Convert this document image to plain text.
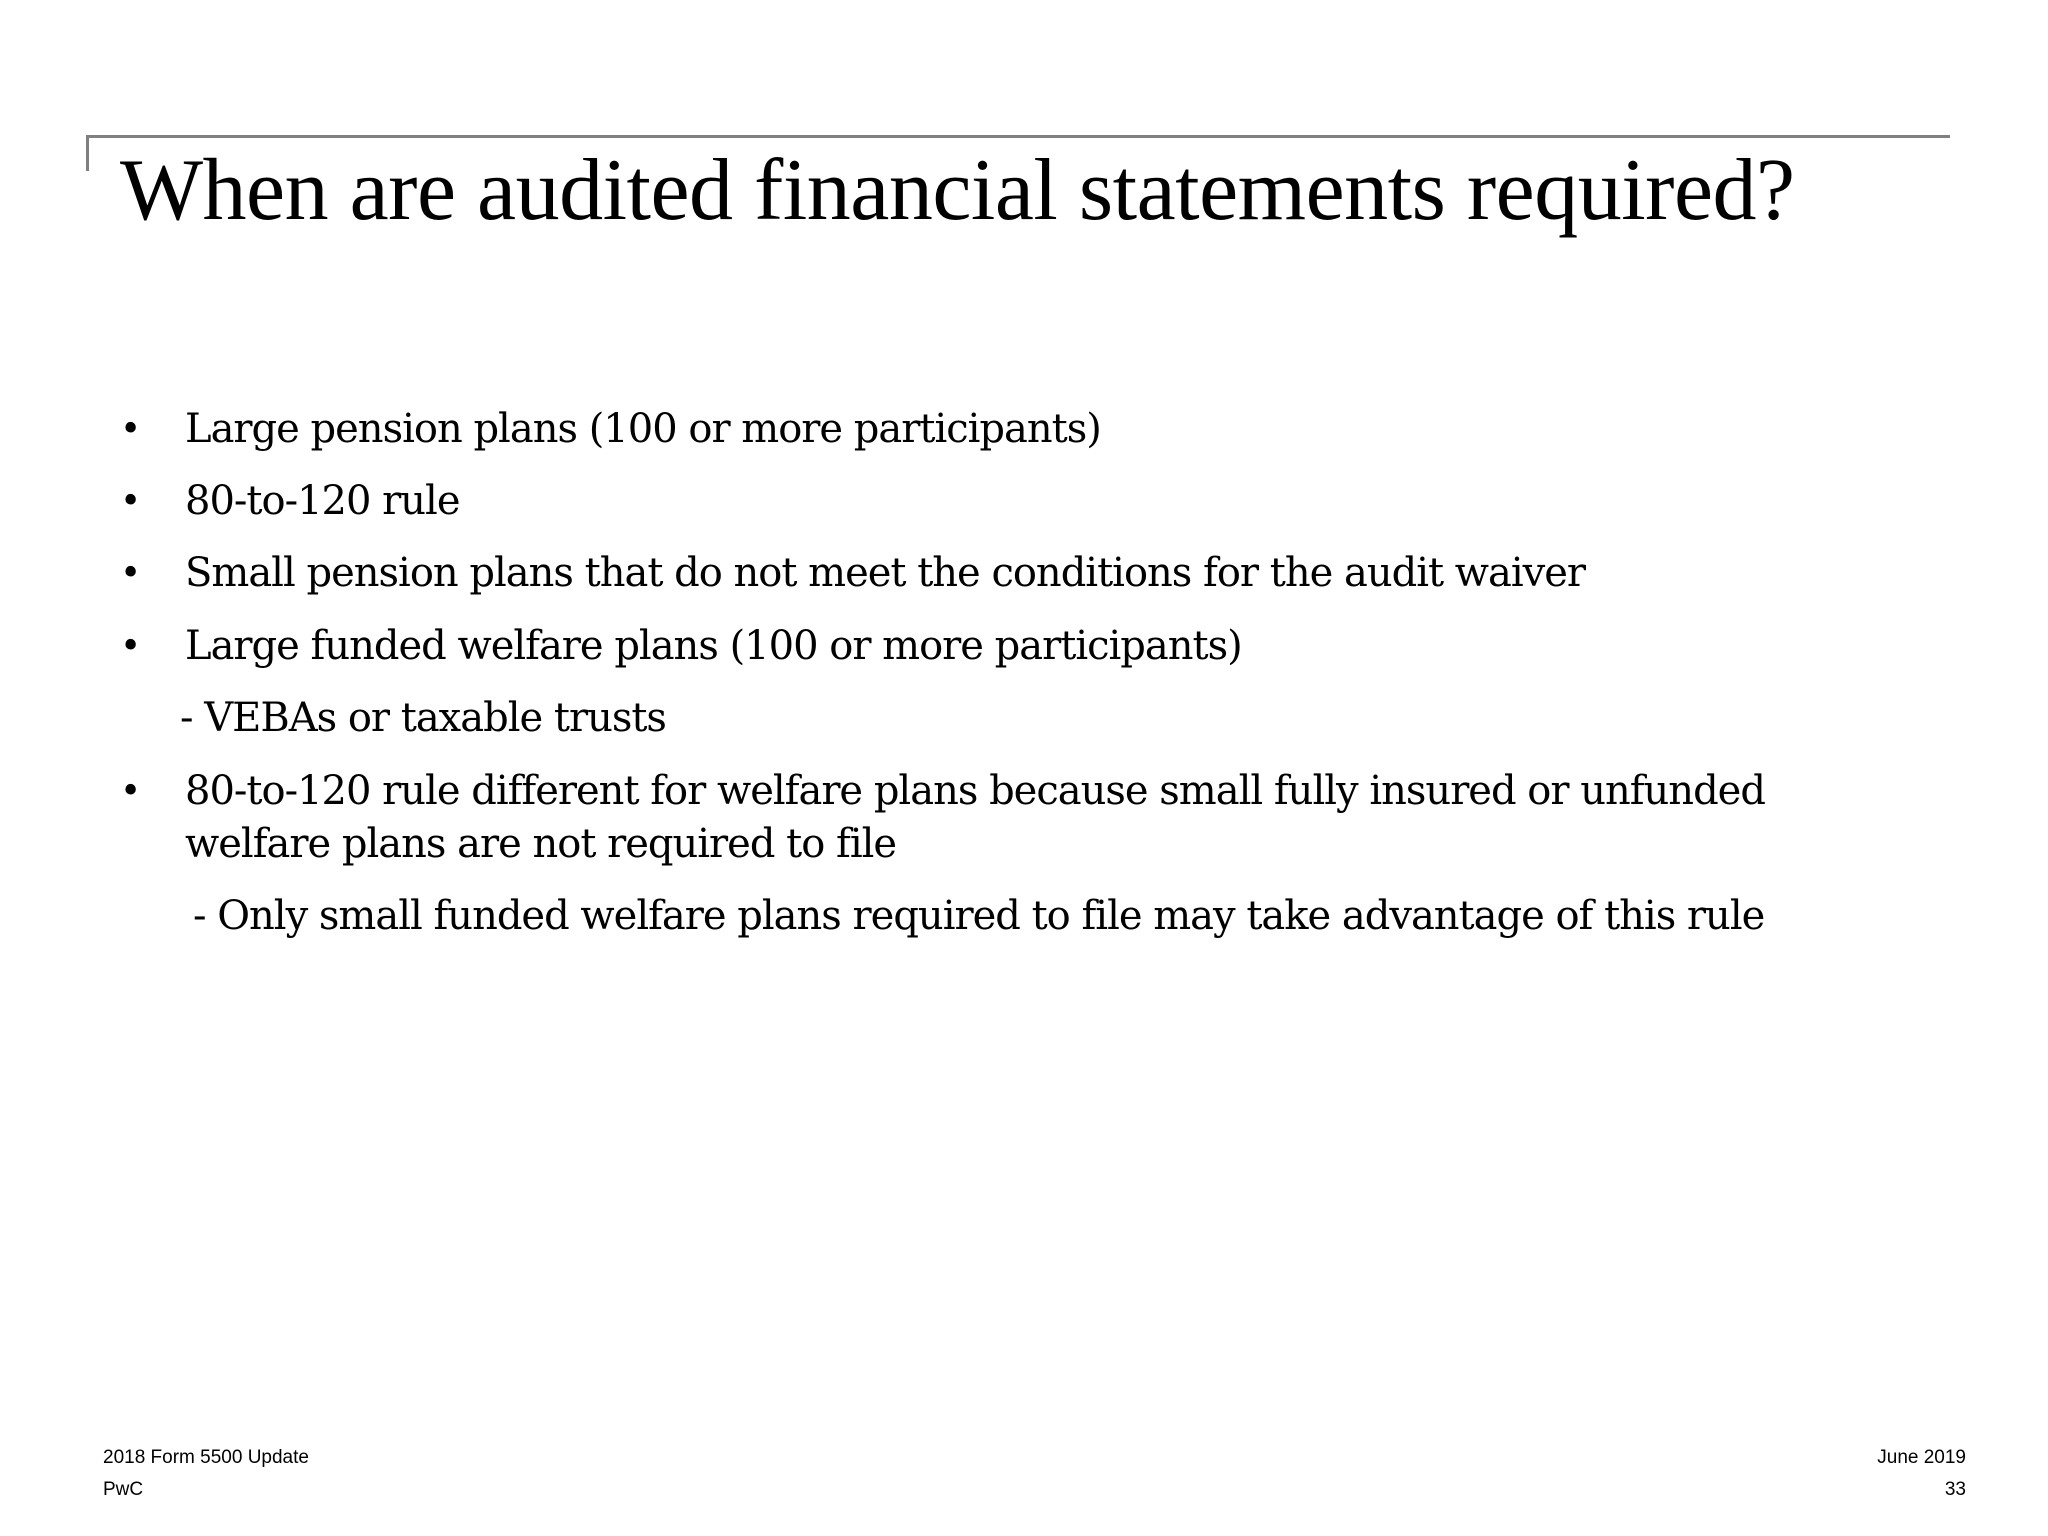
When are audited financial statements required?
• Large pension plans (100 or more participants)
• 80-to-120 rule
• Small pension plans that do not meet the conditions for the audit waiver
• Large funded welfare plans (100 or more participants)
- VEBAs or taxable trusts
• 80-to-120 rule different for welfare plans because small fully insured or unfunded
welfare plans are not required to file
- Only small funded welfare plans required to file may take advantage of this rule
2018 Form 5500 Update
PwC
June 2019
33
